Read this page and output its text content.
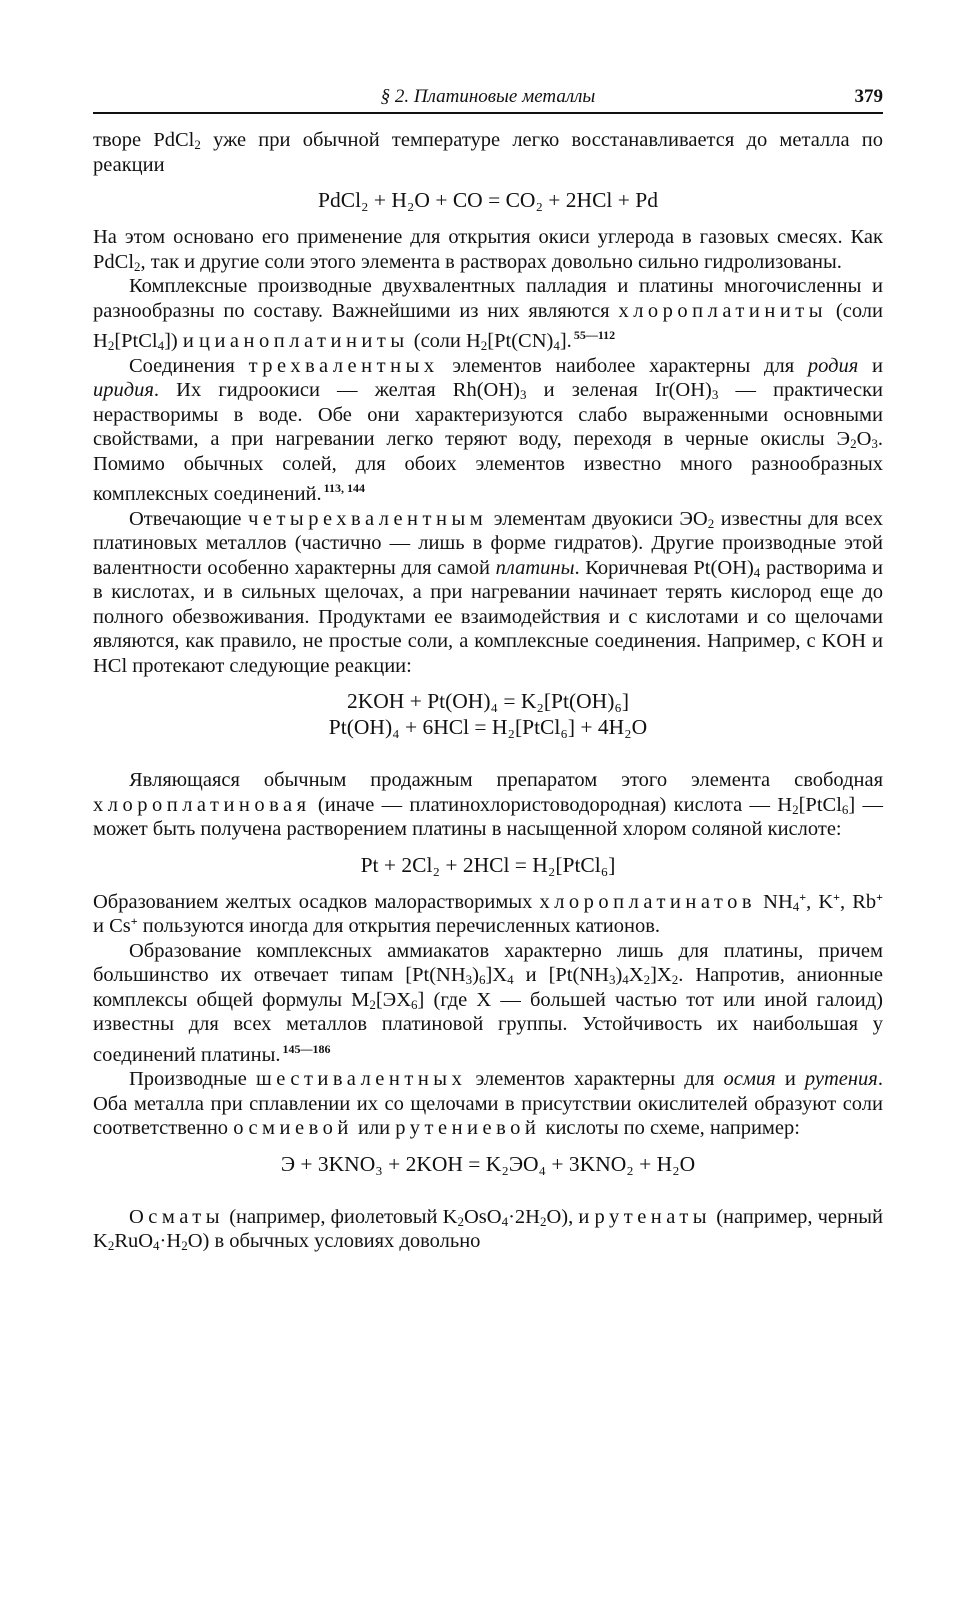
§ 2. Платиновые металлы	379

творе PdCl$_2$ уже при обычной температуре легко восстанавливается до металла по реакции

PdCl₂ + H₂O + CO = CO₂ + 2HCl + Pd

На этом основано его применение для открытия окиси углерода в газовых смесях. Как PdCl$_2$, так и другие соли этого элемента в растворах довольно сильно гидролизованы.

Комплексные производные двухвалентных палладия и платины многочисленны и разнообразны по составу. Важнейшими из них являются хлороплатиниты (соли $H_2[PtCl_4]$) и цианоплатиниты (соли $H_2[Pt(CN)_4]$. $^{55—112}$

Соединения трехвалентных элементов наиболее характерны для родия и иридия. Их гидроокиси — желтая $Rh(OH)_3$ и зеленая $Ir(OH)_3$ — практически нерастворимы в воде. Обе они характеризуются слабо выраженными основными свойствами, а при нагревании легко теряют воду, переходя в черные окислы $Э_2O_3$. Помимо обычных солей, для обоих элементов известно много разнообразных комплексных соединений. $^{113, 144}$

Отвечающие четырехвалентным элементам двуокиси $ЭO_2$ известны для всех платиновых металлов (частично — лишь в форме гидратов). Другие производные этой валентности особенно характерны для самой платины. Коричневая $Pt(OH)_4$ растворима и в кислотах, и в сильных щелочах, а при нагревании начинает терять кислород еще до полного обезвоживания. Продуктами ее взаимодействия и с кислотами и со щелочами являются, как правило, не простые соли, а комплексные соединения. Например, с KOH и HCl протекают следующие реакции:

2KOH + Pt(OH)₄ = K₂[Pt(OH)₆]
Pt(OH)₄ + 6HCl = H₂[PtCl₆] + 4H₂O

Являющаяся обычным продажным препаратом этого элемента свободная хлороплатиновая (иначе — платинохлористоводородная) кислота — $H_2[PtCl_6]$ — может быть получена растворением платины в насыщенной хлором соляной кислоте:

Pt + 2Cl₂ + 2HCl = H₂[PtCl₆]

Образованием желтых осадков малорастворимых хлороплатинатов $NH_4^+$, K+, Rb+ и Cs+ пользуются иногда для открытия перечисленных катионов.

Образование комплексных аммиакатов характерно лишь для платины, причем большинство их отвечает типам $[Pt(NH_3)_6]X_4$ и $[Pt(NH_3)_4X_2]X_2$. Напротив, анионные комплексы общей формулы $M_2[ЭX_6]$ (где X — большей частью тот или иной галоид) известны для всех металлов платиновой группы. Устойчивость их наибольшая у соединений платины. $^{145—186}$

Производные шестивалентных элементов характерны для осмия и рутения. Оба металла при сплавлении их со щелочами в присутствии окислителей образуют соли соответственно осмиевой или рутениевой кислоты по схеме, например:

Э + 3KNO₃ + 2KOH = K₂ЭO₄ + 3KNO₂ + H₂O

Осматы (например, фиолетовый $K_2OsO_4\cdot 2H_2O$), и рутенаты (например, черный $K_2RuO_4\cdot H_2O$) в обычных условиях довольно
